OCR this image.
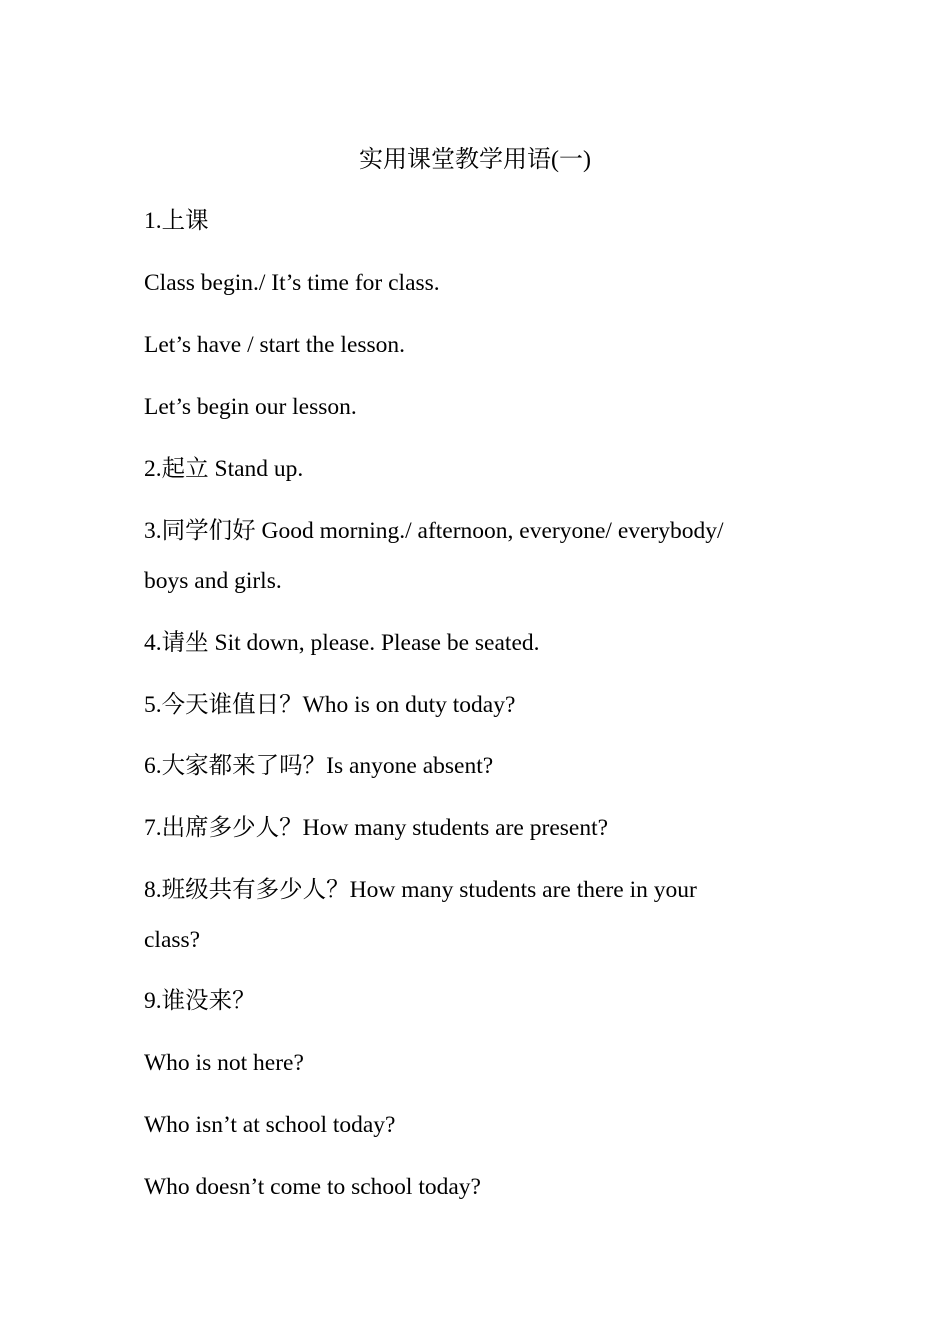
实用课堂教学用语(一)
1.上课
Class begin./ It’s time for class.
Let’s have / start the lesson.
Let’s begin our lesson.
2.起立 Stand up.
3.同学们好 Good morning./ afternoon, everyone/ everybody/
boys and girls.
4.请坐 Sit down, please. Please be seated.
5.今天谁值日？Who is on duty today?
6.大家都来了吗？Is anyone absent?
7.出席多少人？How many students are present?
8.班级共有多少人？How many students are there in your
class?
9.谁没来？
Who is not here?
Who isn’t at school today?
Who doesn’t come to school today?
